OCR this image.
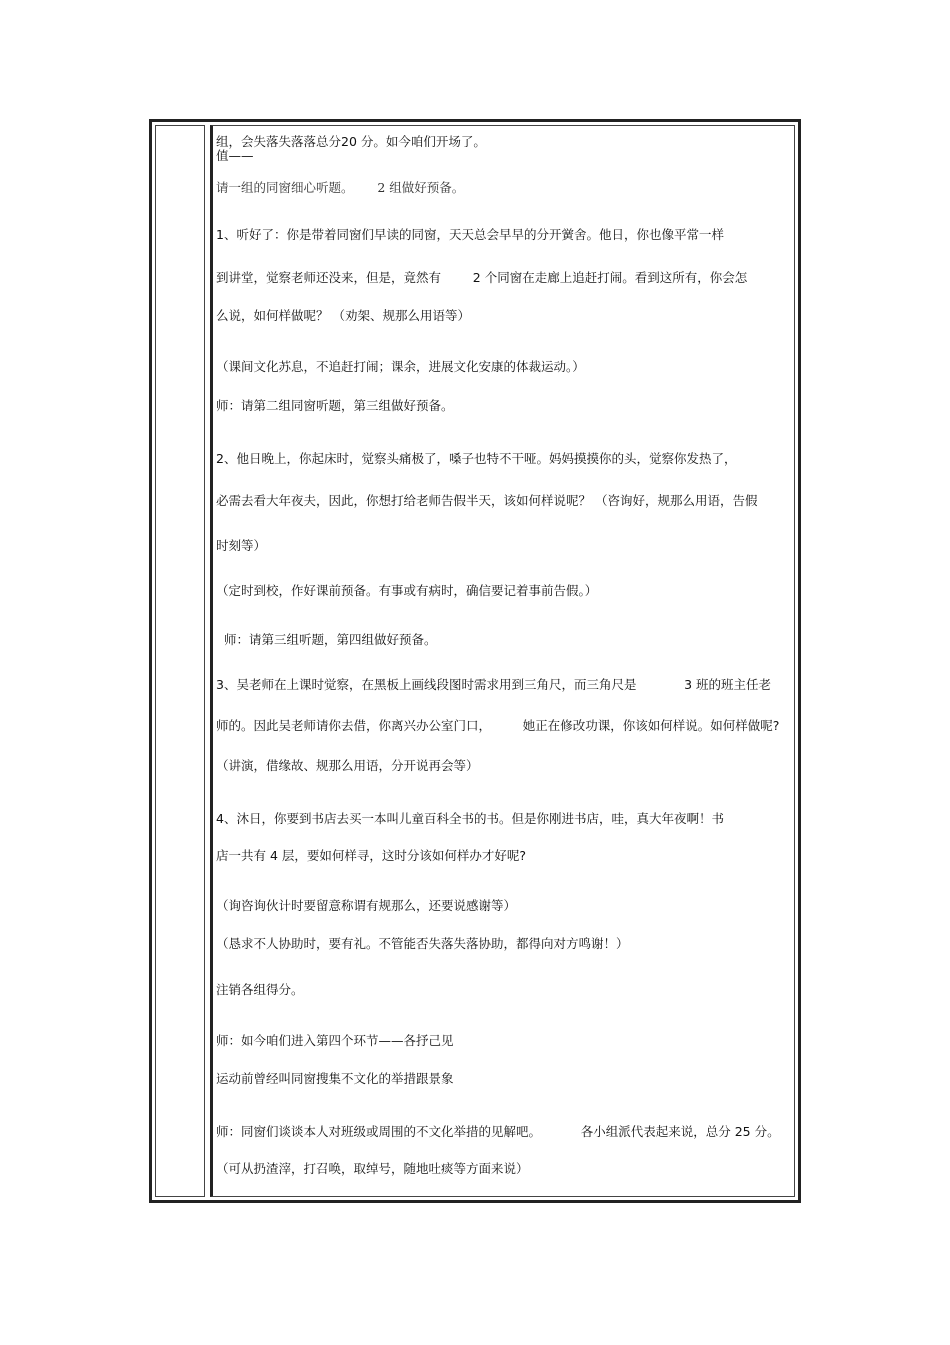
组，会失落失落落总分20 分。如今咱们开场了。
值——
请一组的同窗细心听题。      2 组做好预备。
1、听好了：你是带着同窗们早读的同窗，天天总会早早的分开黉舍。他日，你也像平常一样
到讲堂，觉察老师还没来，但是，竟然有        2 个同窗在走廊上追赶打闹。看到这所有，你会怎
么说，如何样做呢？ （劝架、规那么用语等）
（课间文化苏息，不追赶打闹；课余，进展文化安康的体裁运动。）
师：请第二组同窗听题，第三组做好预备。
2、他日晚上，你起床时，觉察头痛极了，嗓子也特不干哑。妈妈摸摸你的头，觉察你发热了，
必需去看大年夜夫，因此，你想打给老师告假半天，该如何样说呢？ （咨询好，规那么用语，告假
时刻等）
（定时到校，作好课前预备。有事或有病时，确信要记着事前告假。）
师：请第三组听题，第四组做好预备。
3、吴老师在上课时觉察，在黑板上画线段图时需求用到三角尺，而三角尺是            3 班的班主任老
师的。因此吴老师请你去借，你离兴办公室门口，        她正在修改功课，你该如何样说。如何样做呢?
（讲演，借缘故、规那么用语，分开说再会等）
4、沐日，你要到书店去买一本叫儿童百科全书的书。但是你刚进书店，哇，真大年夜啊！书
店一共有 4 层，要如何样寻，这时分该如何样办才好呢?
（询咨询伙计时要留意称谓有规那么，还要说感谢等）
（恳求不人协助时，要有礼。不管能否失落失落协助，都得向对方鸣谢！）
注销各组得分。
师：如今咱们进入第四个环节——各抒己见
运动前曾经叫同窗搜集不文化的举措跟景象
师：同窗们谈谈本人对班级或周围的不文化举措的见解吧。          各小组派代表起来说，总分 25 分。
（可从扔渣滓，打召唤，取绰号，随地吐痰等方面来说）
